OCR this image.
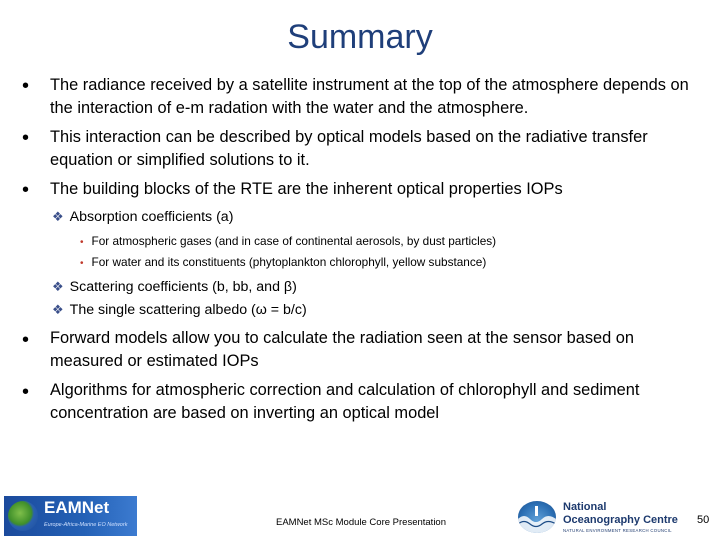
Summary
• The radiance received by a satellite instrument at the top of the atmosphere depends on the interaction of e-m radation with the water and the atmosphere.
• This interaction can be described by optical models based on the radiative transfer equation or simplified solutions to it.
• The building blocks of the RTE are the inherent optical properties IOPs
❖ Absorption coefficients (a)
• For atmospheric gases (and in case of continental aerosols, by dust particles)
• For water and its constituents (phytoplankton chlorophyll, yellow substance)
❖ Scattering coefficients (b, bb, and β)
❖ The single scattering albedo (ω = b/c)
• Forward models allow you to calculate the radiation seen at the sensor based on measured or estimated IOPs
• Algorithms for atmospheric correction and calculation of chlorophyll and sediment concentration are based on inverting an optical model
EAMNet
Europe-Africa-Marine EO Network	EAMNet MSc Module Core Presentation
National
Oceanography Centre
NATURAL ENVIRONMENT RESEARCH COUNCIL
50
